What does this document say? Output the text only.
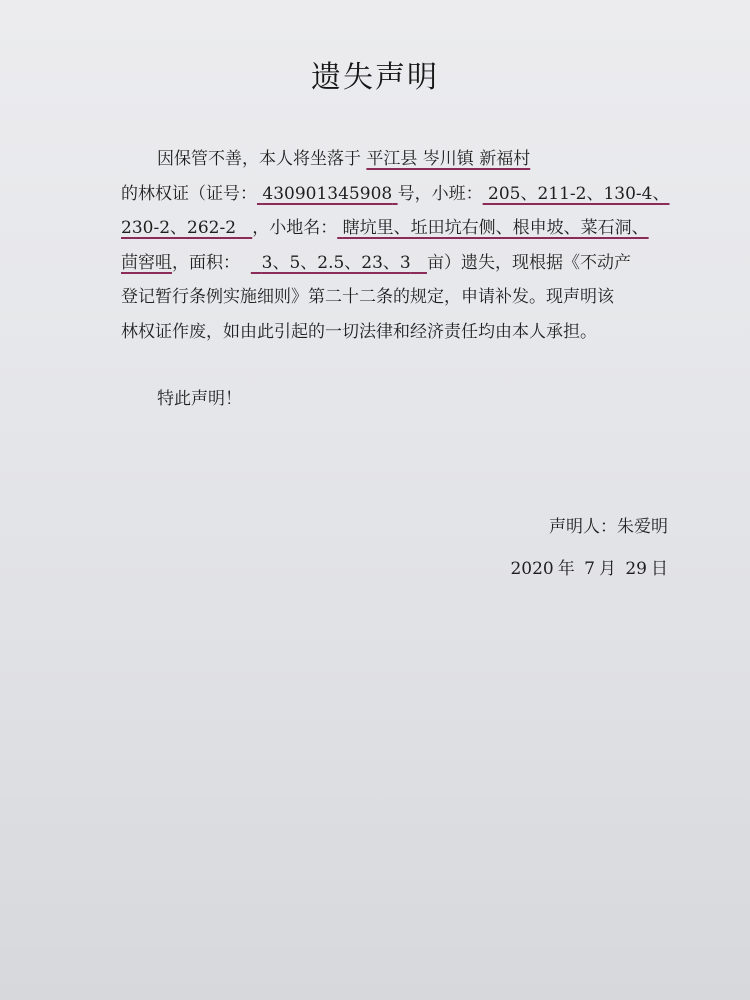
遗失声明
因保管不善，本人将坐落于 平江县 岑川镇 新福村
的林权证（证号： 430901345908 号，小班： 205、211-2、130-4、
230-2、262-2 ，小地名： 瞎坑里、坵田坑右侧、根申坡、菜石洞、
茴窖咀，面积： 3、5、2.5、23、3 亩）遗失，现根据《不动产
登记暂行条例实施细则》第二十二条的规定，申请补发。现声明该
林权证作废，如由此引起的一切法律和经济责任均由本人承担。
特此声明！
声明人：朱爱明
2020 年 7 月 29 日
